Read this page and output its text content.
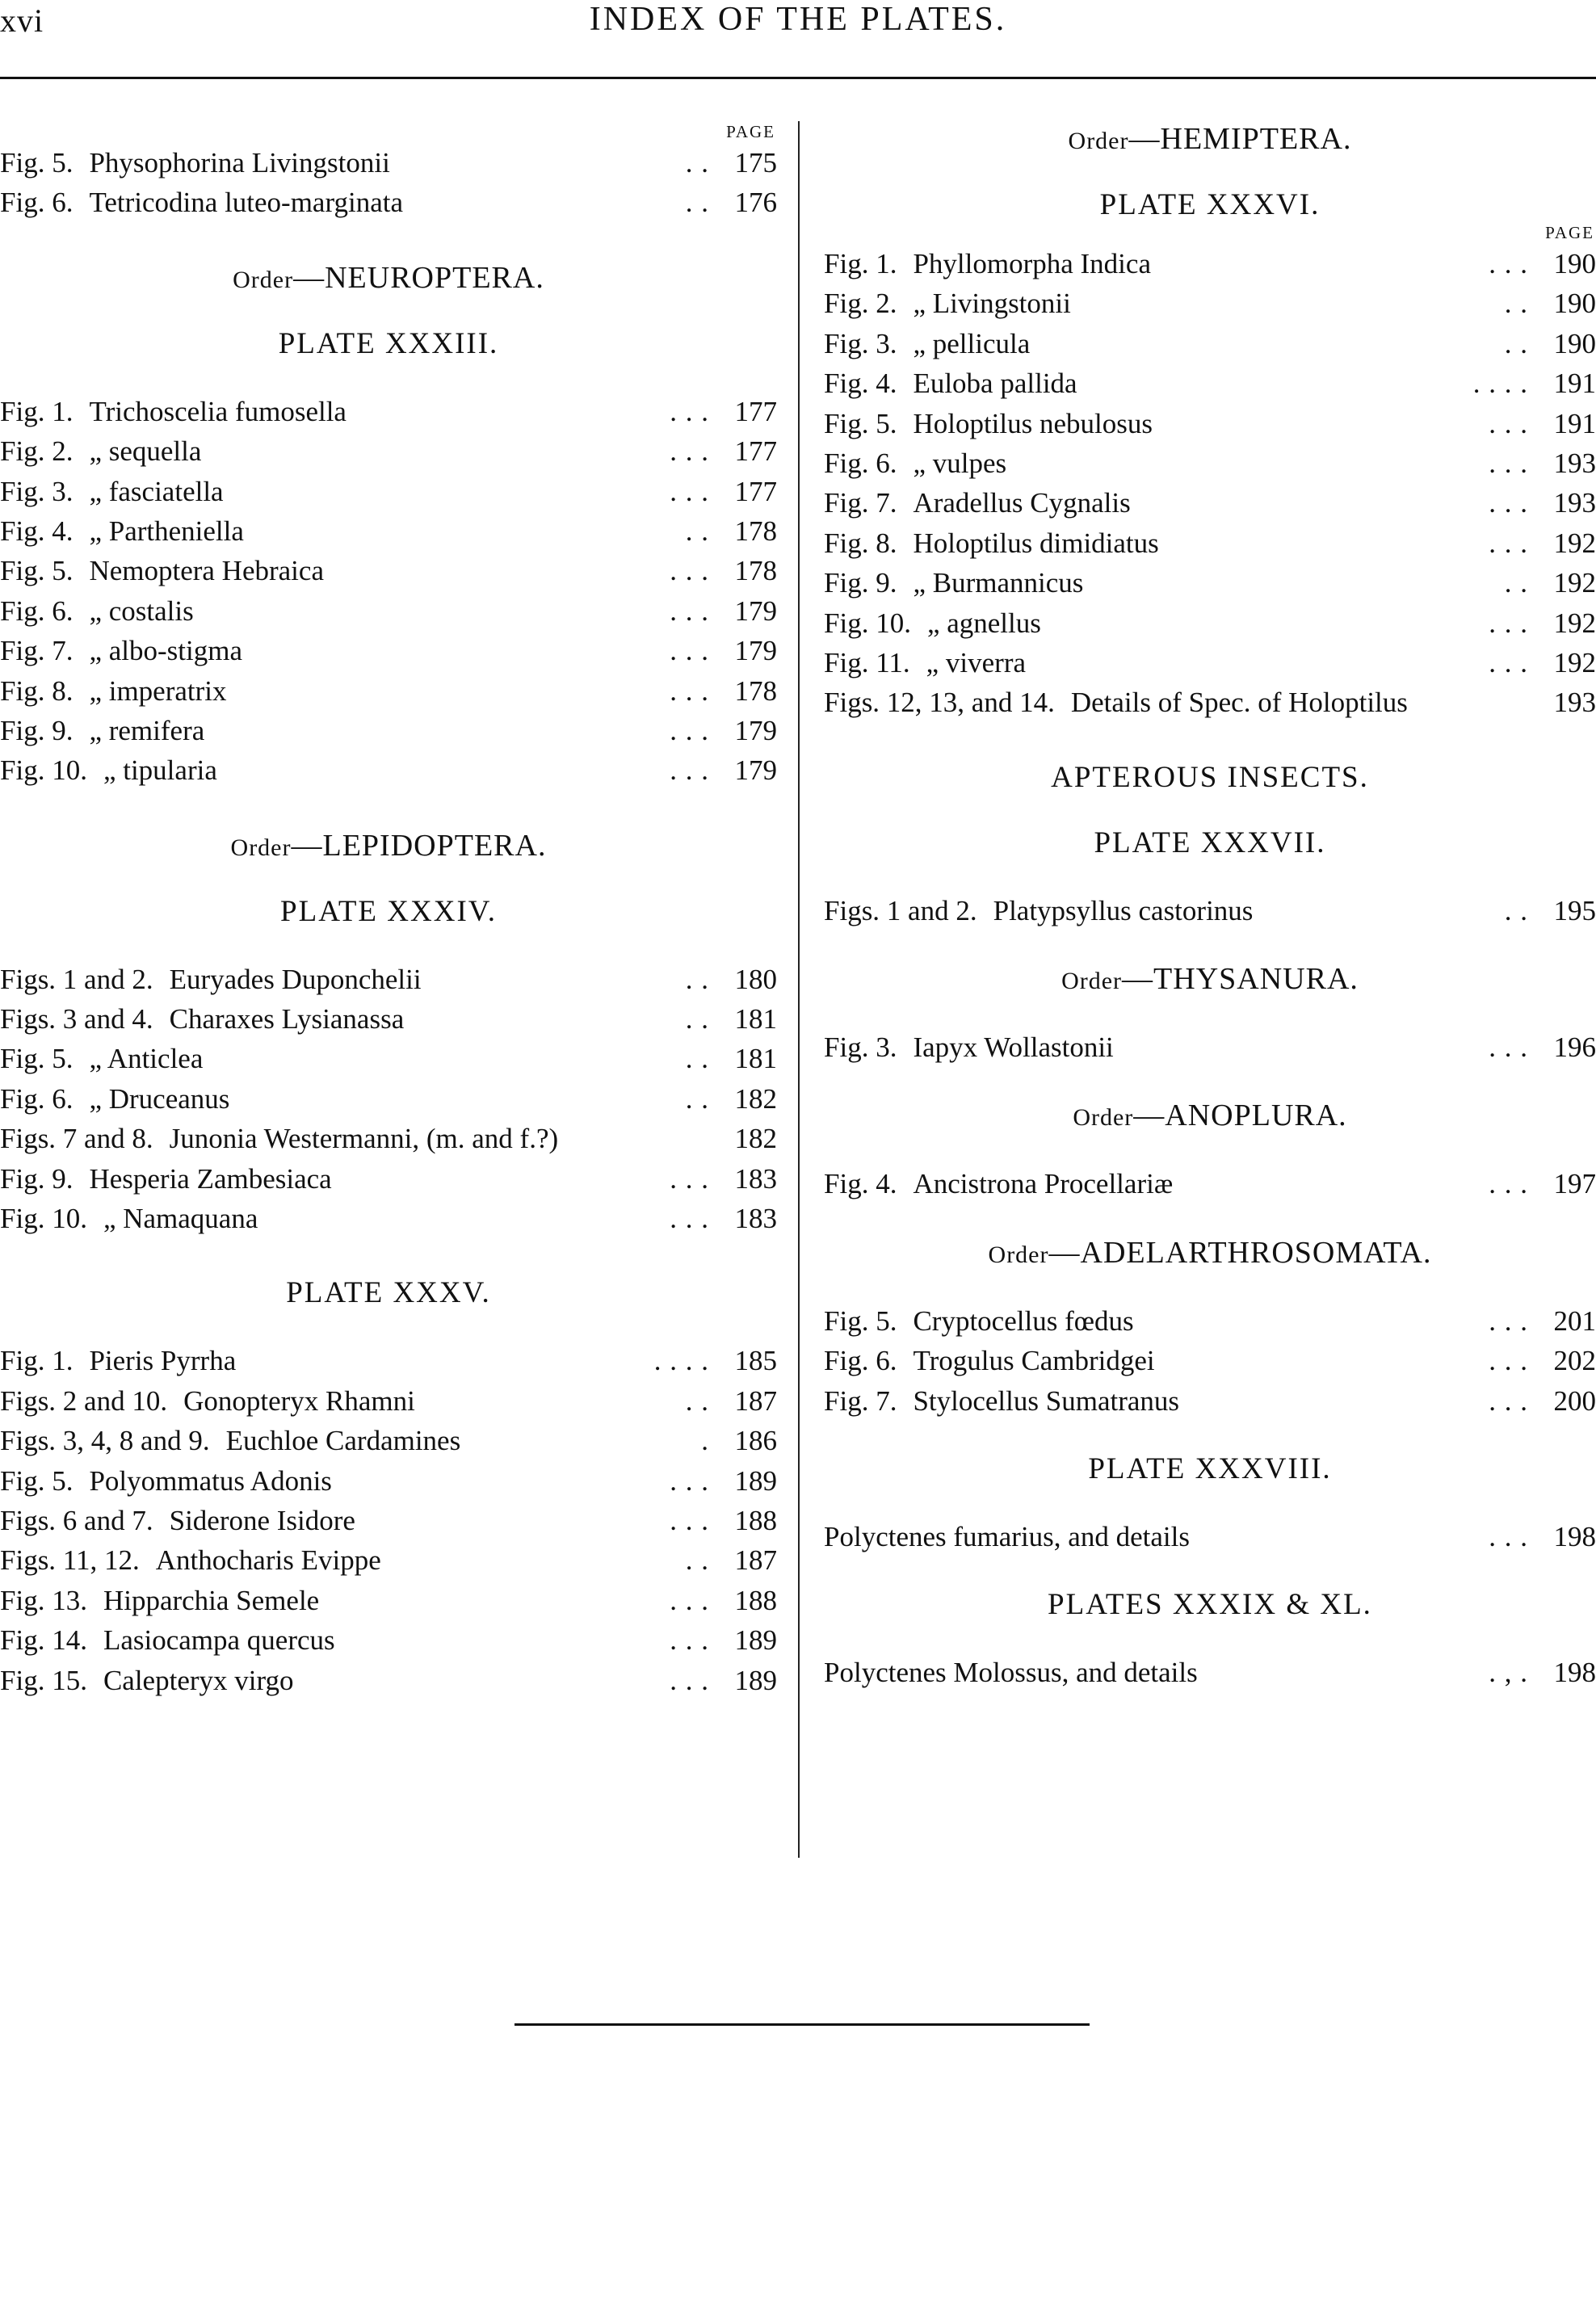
xvi	INDEX OF THE PLATES.
PAGE
Fig. 5. Physophorina Livingstonii	. . 175
Fig. 6. Tetricodina luteo-marginata	. . 176
Order—NEUROPTERA.
PLATE XXXIII.
Fig. 1. Trichoscelia fumosella	. . . 177
Fig. 2. „ sequella	. . . 177
Fig. 3. „ fasciatella	. . . 177
Fig. 4. „ Partheniella	. . 178
Fig. 5. Nemoptera Hebraica	. . . 178
Fig. 6. „ costalis	. . . 179
Fig. 7. „ albo-stigma	. . . 179
Fig. 8. „ imperatrix	. . . 178
Fig. 9. „ remifera	. . . 179
Fig. 10. „ tipularia	. . . 179
Order—LEPIDOPTERA.
PLATE XXXIV.
Figs. 1 and 2. Euryades Duponchelii	. . 180
Figs. 3 and 4. Charaxes Lysianassa	. . 181
Fig. 5. „ Anticlea	. . 181
Fig. 6. „ Druceanus	. . 182
Figs. 7 and 8. Junonia Westermanni, (m. and f.?)	182
Fig. 9. Hesperia Zambesiaca	. . . 183
Fig. 10. „ Namaquana	. . . 183
PLATE XXXV.
Fig. 1. Pieris Pyrrha	. . . . 185
Figs. 2 and 10. Gonopteryx Rhamni	. . 187
Figs. 3, 4, 8 and 9. Euchloe Cardamines	. 186
Fig. 5. Polyommatus Adonis	. . . 189
Figs. 6 and 7. Siderone Isidore	. . . 188
Figs. 11, 12. Anthocharis Evippe	. . 187
Fig. 13. Hipparchia Semele	. . . 188
Fig. 14. Lasiocampa quercus	. . . 189
Fig. 15. Calepteryx virgo	. . . 189
Order—HEMIPTERA.
PLATE XXXVI.
PAGE
Fig. 1. Phyllomorpha Indica	. . . 190
Fig. 2. „ Livingstonii	. . 190
Fig. 3. „ pellicula	. . 190
Fig. 4. Euloba pallida	. . . . 191
Fig. 5. Holoptilus nebulosus	. . . 191
Fig. 6. „ vulpes	. . . 193
Fig. 7. Aradellus Cygnalis	. . . 193
Fig. 8. Holoptilus dimidiatus	. . . 192
Fig. 9. „ Burmannicus	. . 192
Fig. 10. „ agnellus	. . . 192
Fig. 11. „ viverra	. . . 192
Figs. 12, 13, and 14. Details of Spec. of Holoptilus	193
APTEROUS INSECTS.
PLATE XXXVII.
Figs. 1 and 2. Platypsyllus castorinus	. . 195
Order—THYSANURA.
Fig. 3. Iapyx Wollastonii	. . . 196
Order—ANOPLURA.
Fig. 4. Ancistrona Procellariæ	. . . 197
Order—ADELARTHROSOMATA.
Fig. 5. Cryptocellus fœdus	. . . 201
Fig. 6. Trogulus Cambridgei	. . . 202
Fig. 7. Stylocellus Sumatranus	. . . 200
PLATE XXXVIII.
Polyctenes fumarius, and details	. . . 198
PLATES XXXIX & XL.
Polyctenes Molossus, and details	. , . 198
